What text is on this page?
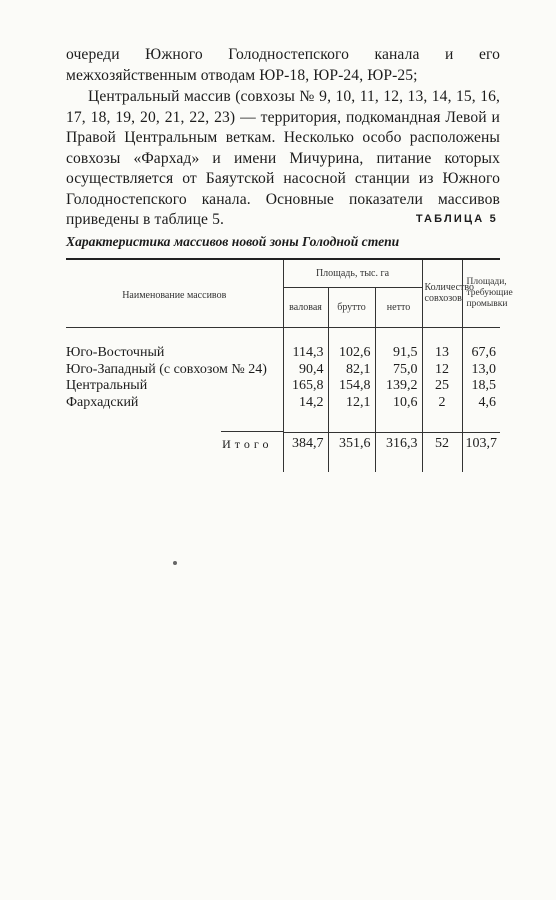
очереди Южного Голодностепского канала и его межхозяйственным отводам ЮР-18, ЮР-24, ЮР-25;

Центральный массив (совхозы № 9, 10, 11, 12, 13, 14, 15, 16, 17, 18, 19, 20, 21, 22, 23) — территория, подкомандная Левой и Правой Центральным веткам. Несколько особо расположены совхозы «Фархад» и имени Мичурина, питание которых осуществляется от Баяутской насосной станции из Южного Голодностепского канала. Основные показатели массивов приведены в таблице 5.	ТАБЛИЦА 5

Характеристика массивов новой зоны Голодной степи

Наименование массивов	Площадь, тыс. га			Количество совхозов	Площади, требующие промывки
	валовая	брутто	нетто		

Юго-Восточный	114,3	102,6	91,5	13	67,6
Юго-Западный (с совхозом № 24)	90,4	82,1	75,0	12	13,0
Центральный	165,8	154,8	139,2	25	18,5
Фархадский	14,2	12,1	10,6	2	4,6

Итого	384,7	351,6	316,3	52	103,7
